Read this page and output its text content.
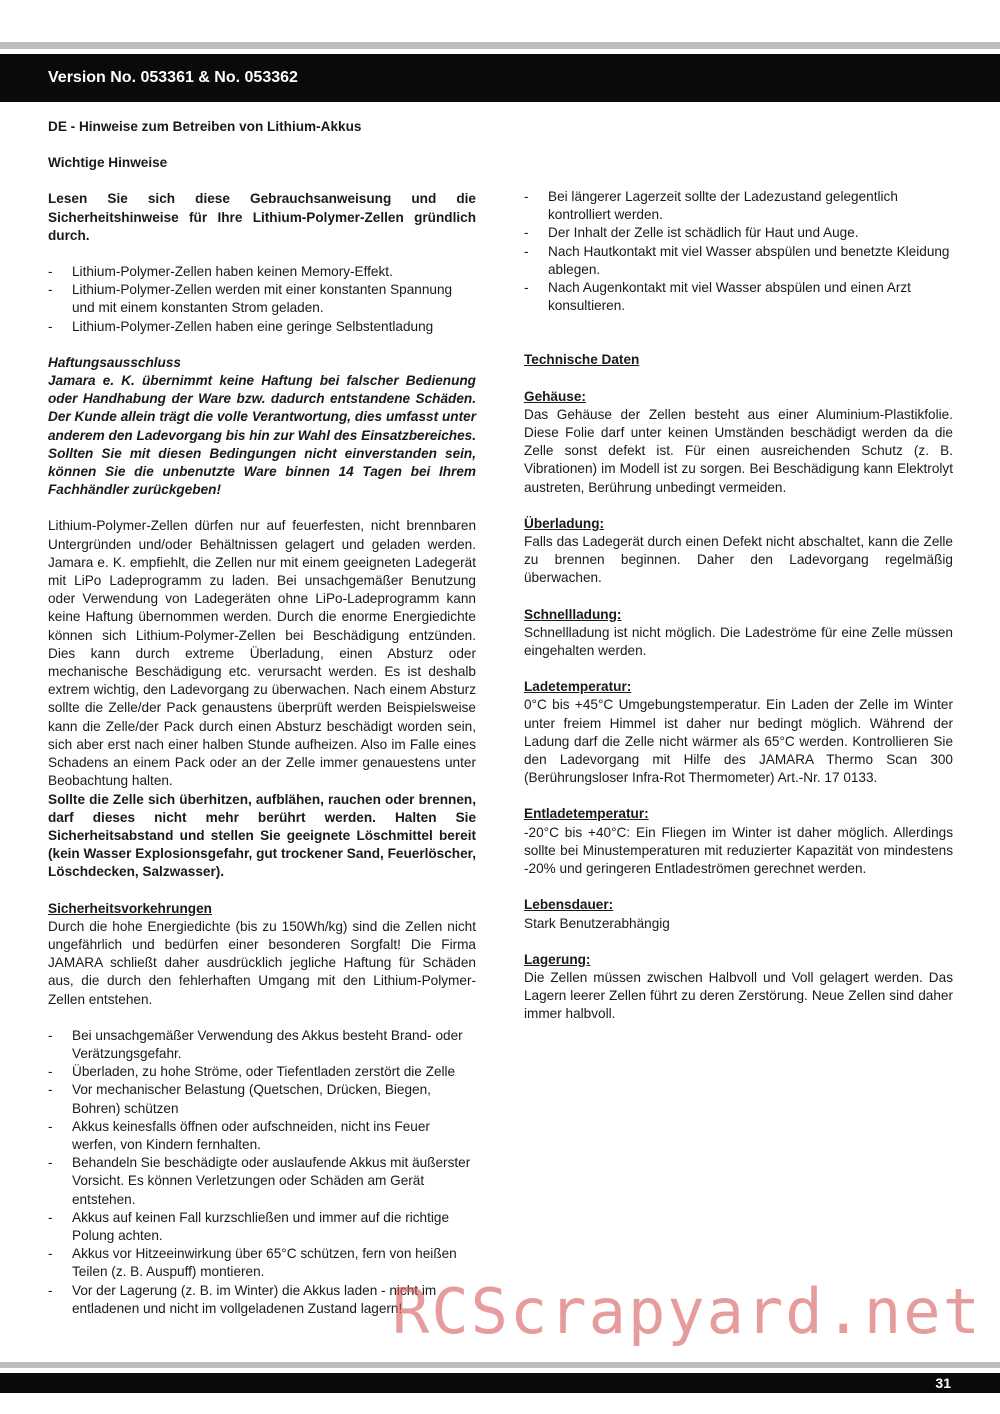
Version No. 053361 & No. 053362

DE - Hinweise zum Betreiben von Lithium-Akkus

Wichtige Hinweise

Lesen Sie sich diese Gebrauchsanweisung und die Sicherheitshinweise für Ihre Lithium-Polymer-Zellen gründlich durch.

- Lithium-Polymer-Zellen haben keinen Memory-Effekt.
- Lithium-Polymer-Zellen werden mit einer konstanten Spannung und mit einem konstanten Strom geladen.
- Lithium-Polymer-Zellen haben eine geringe Selbstentladung

Haftungsausschluss

Jamara e. K. übernimmt keine Haftung bei falscher Bedienung oder Handhabung der Ware bzw. dadurch entstandene Schäden. Der Kunde allein trägt die volle Verantwortung, dies umfasst unter anderem den Ladevorgang bis hin zur Wahl des Einsatzbereiches. Sollten Sie mit diesen Bedingungen nicht einverstanden sein, können Sie die unbenutzte Ware binnen 14 Tagen bei Ihrem Fachhändler zurückgeben!

Lithium-Polymer-Zellen dürfen nur auf feuerfesten, nicht brennbaren Untergründen und/oder Behältnissen gelagert und geladen werden. Jamara e. K. empfiehlt, die Zellen nur mit einem geeigneten Ladegerät mit LiPo Ladeprogramm zu laden. Bei unsachgemäßer Benutzung oder Verwendung von Ladegeräten ohne LiPo-Ladeprogramm kann keine Haftung übernommen werden. Durch die enorme Energiedichte können sich Lithium-Polymer-Zellen bei Beschädigung entzünden. Dies kann durch extreme Überladung, einen Absturz oder mechanische Beschädigung etc. verursacht werden. Es ist deshalb extrem wichtig, den Ladevorgang zu überwachen. Nach einem Absturz sollte die Zelle/der Pack genaustens überprüft werden Beispielsweise kann die Zelle/der Pack durch einen Absturz beschädigt worden sein, sich aber erst nach einer halben Stunde aufheizen. Also im Falle eines Schadens an einem Pack oder an der Zelle immer genauestens unter Beobachtung halten.

Sollte die Zelle sich überhitzen, aufblähen, rauchen oder brennen, darf dieses nicht mehr berührt werden. Halten Sie Sicherheitsabstand und stellen Sie geeignete Löschmittel bereit (kein Wasser Explosionsgefahr, gut trockener Sand, Feuerlöscher, Löschdecken, Salzwasser).

Sicherheitsvorkehrungen

Durch die hohe Energiedichte (bis zu 150Wh/kg) sind die Zellen nicht ungefährlich und bedürfen einer besonderen Sorgfalt! Die Firma JAMARA schließt daher ausdrücklich jegliche Haftung für Schäden aus, die durch den fehlerhaften Umgang mit den Lithium-Polymer-Zellen entstehen.

- Bei unsachgemäßer Verwendung des Akkus besteht Brand- oder Verätzungsgefahr.
- Überladen, zu hohe Ströme, oder Tiefentladen zerstört die Zelle
- Vor mechanischer Belastung (Quetschen, Drücken, Biegen, Bohren) schützen
- Akkus keinesfalls öffnen oder aufschneiden, nicht ins Feuer werfen, von Kindern fernhalten.
- Behandeln Sie beschädigte oder auslaufende Akkus mit äußerster Vorsicht. Es können Verletzungen oder Schäden am Gerät entstehen.
- Akkus auf keinen Fall kurzschließen und immer auf die richtige Polung achten.
- Akkus vor Hitzeeinwirkung über 65°C schützen, fern von heißen Teilen (z. B. Auspuff) montieren.
- Vor der Lagerung (z. B. im Winter) die Akkus laden - nicht im entladenen und nicht im vollgeladenen Zustand lagern!
- Bei längerer Lagerzeit sollte der Ladezustand gelegentlich kontrolliert werden.
- Der Inhalt der Zelle ist schädlich für Haut und Auge.
- Nach Hautkontakt mit viel Wasser abspülen und benetzte Kleidung ablegen.
- Nach Augenkontakt mit viel Wasser abspülen und einen Arzt konsultieren.

Technische Daten

Gehäuse:

Das Gehäuse der Zellen besteht aus einer Aluminium-Plastikfolie. Diese Folie darf unter keinen Umständen beschädigt werden da die Zelle sonst defekt ist. Für einen ausreichenden Schutz (z. B. Vibrationen) im Modell ist zu sorgen. Bei Beschädigung kann Elektrolyt austreten, Berührung unbedingt vermeiden.

Überladung:

Falls das Ladegerät durch einen Defekt nicht abschaltet, kann die Zelle zu brennen beginnen. Daher den Ladevorgang regelmäßig überwachen.

Schnellladung:

Schnellladung ist nicht möglich. Die Ladeströme für eine Zelle müssen eingehalten werden.

Ladetemperatur:

0°C bis +45°C Umgebungstemperatur. Ein Laden der Zelle im Winter unter freiem Himmel ist daher nur bedingt möglich. Während der Ladung darf die Zelle nicht wärmer als 65°C werden. Kontrollieren Sie den Ladevorgang mit Hilfe des JAMARA Thermo Scan 300 (Berührungsloser Infra-Rot Thermometer) Art.-Nr. 17 0133.

Entladetemperatur:

-20°C bis +40°C: Ein Fliegen im Winter ist daher möglich. Allerdings sollte bei Minustemperaturen mit reduzierter Kapazität von mindestens -20% und geringeren Entladeströmen gerechnet werden.

Lebensdauer:

Stark Benutzerabhängig

Lagerung:

Die Zellen müssen zwischen Halbvoll und Voll gelagert werden. Das Lagern leerer Zellen führt zu deren Zerstörung. Neue Zellen sind daher immer halbvoll.

RCScrapyard.net
31
